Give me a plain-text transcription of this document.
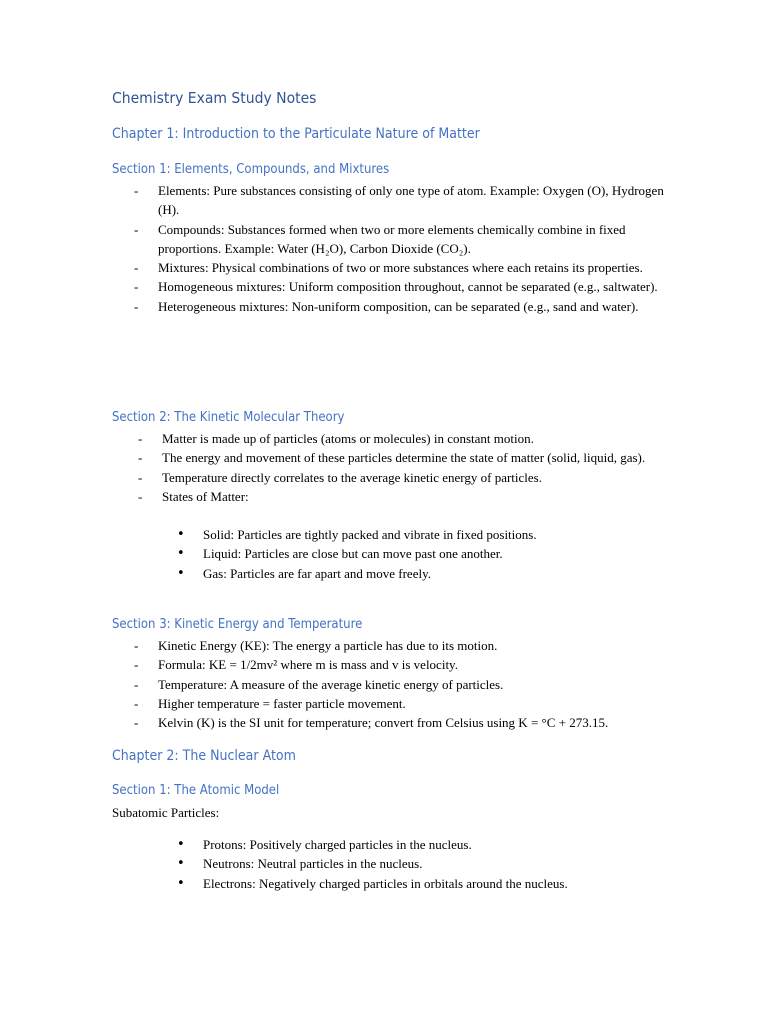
Chemistry Exam Study Notes
Chapter 1: Introduction to the Particulate Nature of Matter
Section 1: Elements, Compounds, and Mixtures
- Elements: Pure substances consisting of only one type of atom. Example: Oxygen (O), Hydrogen (H).
- Compounds: Substances formed when two or more elements chemically combine in fixed proportions. Example: Water (H₂O), Carbon Dioxide (CO₂).
- Mixtures: Physical combinations of two or more substances where each retains its properties.
- Homogeneous mixtures: Uniform composition throughout, cannot be separated (e.g., saltwater).
- Heterogeneous mixtures: Non-uniform composition, can be separated (e.g., sand and water).
Section 2: The Kinetic Molecular Theory
- Matter is made up of particles (atoms or molecules) in constant motion.
- The energy and movement of these particles determine the state of matter (solid, liquid, gas).
- Temperature directly correlates to the average kinetic energy of particles.
- States of Matter:
• Solid: Particles are tightly packed and vibrate in fixed positions.
• Liquid: Particles are close but can move past one another.
• Gas: Particles are far apart and move freely.
Section 3: Kinetic Energy and Temperature
- Kinetic Energy (KE): The energy a particle has due to its motion.
- Formula: KE = 1/2mv² where m is mass and v is velocity.
- Temperature: A measure of the average kinetic energy of particles.
- Higher temperature = faster particle movement.
- Kelvin (K) is the SI unit for temperature; convert from Celsius using K = °C + 273.15.
Chapter 2: The Nuclear Atom
Section 1: The Atomic Model

Subatomic Particles:

• Protons: Positively charged particles in the nucleus.
• Neutrons: Neutral particles in the nucleus.
• Electrons: Negatively charged particles in orbitals around the nucleus.
